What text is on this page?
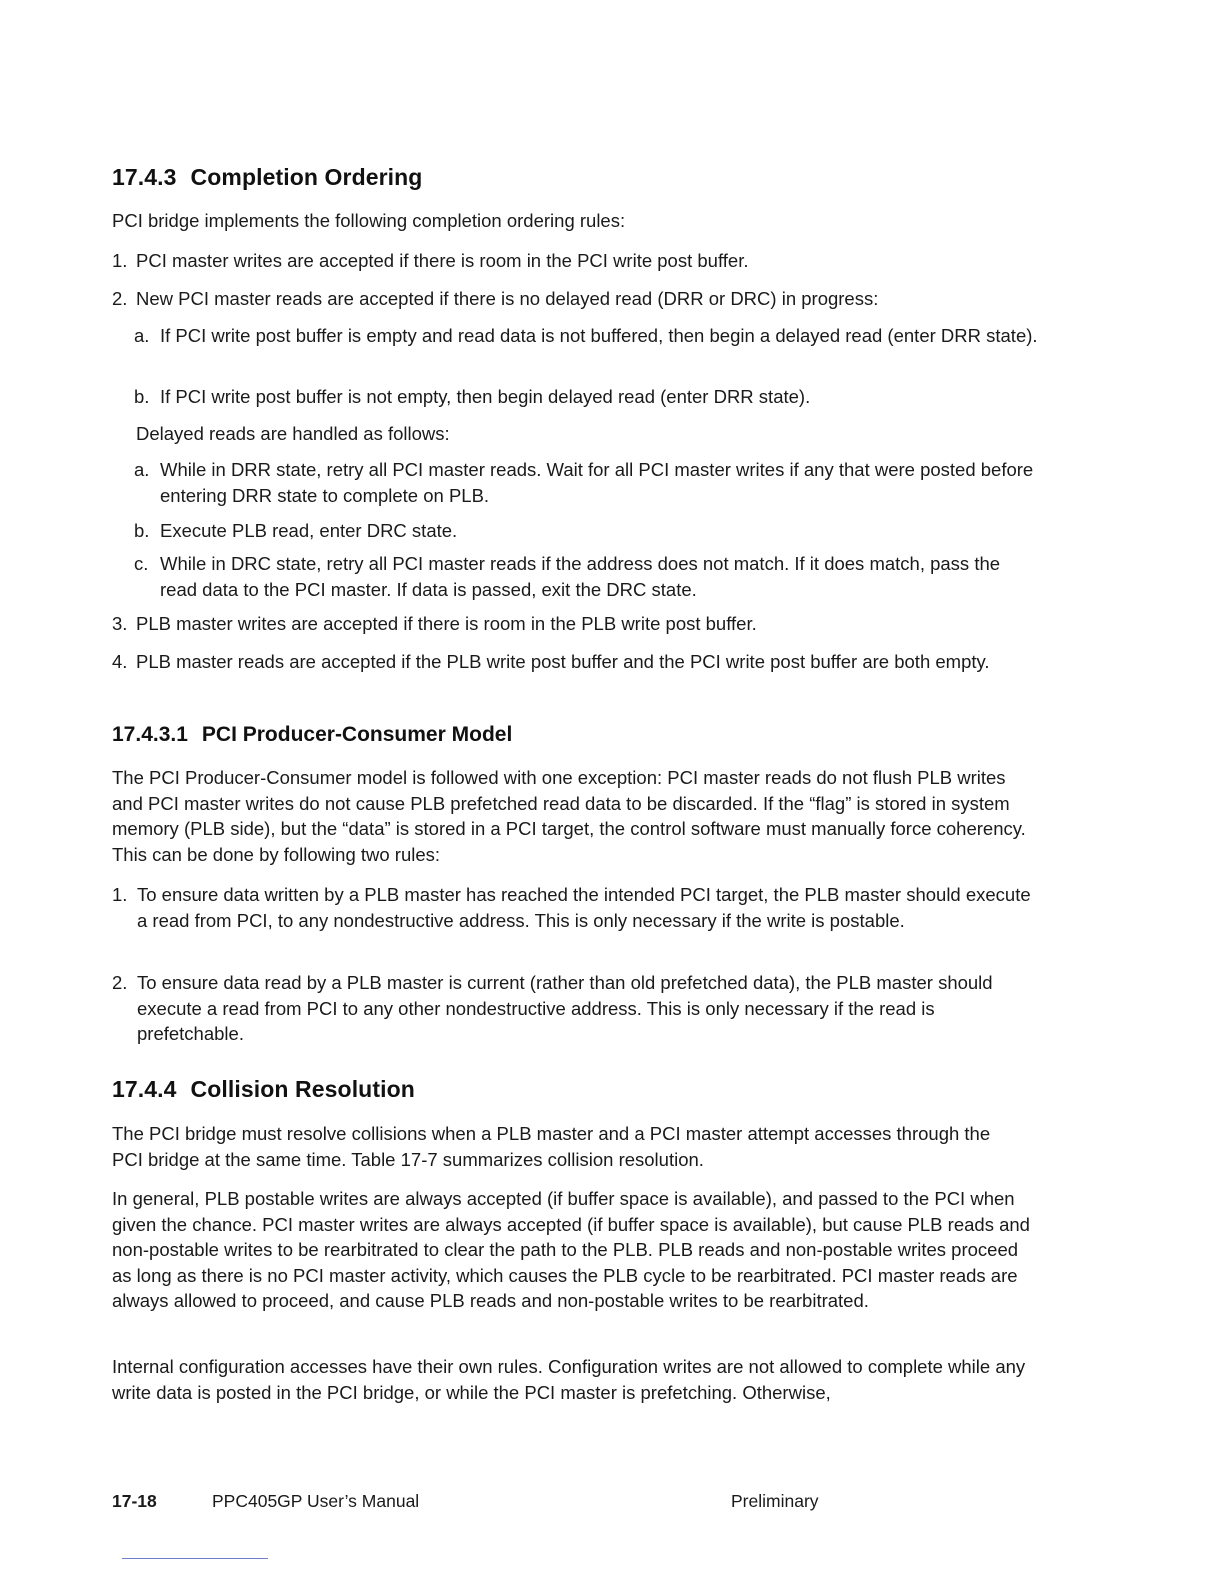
17.4.3 Completion Ordering

PCI bridge implements the following completion ordering rules:

1. PCI master writes are accepted if there is room in the PCI write post buffer.
2. New PCI master reads are accepted if there is no delayed read (DRR or DRC) in progress:
a. If PCI write post buffer is empty and read data is not buffered, then begin a delayed read (enter DRR state).
b. If PCI write post buffer is not empty, then begin delayed read (enter DRR state).

Delayed reads are handled as follows:

a. While in DRR state, retry all PCI master reads. Wait for all PCI master writes if any that were posted before entering DRR state to complete on PLB.
b. Execute PLB read, enter DRC state.
c. While in DRC state, retry all PCI master reads if the address does not match. If it does match, pass the read data to the PCI master. If data is passed, exit the DRC state.
3. PLB master writes are accepted if there is room in the PLB write post buffer.
4. PLB master reads are accepted if the PLB write post buffer and the PCI write post buffer are both empty.
17.4.3.1 PCI Producer-Consumer Model

The PCI Producer-Consumer model is followed with one exception: PCI master reads do not flush PLB writes and PCI master writes do not cause PLB prefetched read data to be discarded. If the “flag” is stored in system memory (PLB side), but the “data” is stored in a PCI target, the control software must manually force coherency. This can be done by following two rules:

1. To ensure data written by a PLB master has reached the intended PCI target, the PLB master should execute a read from PCI, to any nondestructive address. This is only necessary if the write is postable.
2. To ensure data read by a PLB master is current (rather than old prefetched data), the PLB master should execute a read from PCI to any other nondestructive address. This is only necessary if the read is prefetchable.
17.4.4 Collision Resolution

The PCI bridge must resolve collisions when a PLB master and a PCI master attempt accesses through the PCI bridge at the same time. Table 17-7 summarizes collision resolution.

In general, PLB postable writes are always accepted (if buffer space is available), and passed to the PCI when given the chance. PCI master writes are always accepted (if buffer space is available), but cause PLB reads and non-postable writes to be rearbitrated to clear the path to the PLB. PLB reads and non-postable writes proceed as long as there is no PCI master activity, which causes the PLB cycle to be rearbitrated. PCI master reads are always allowed to proceed, and cause PLB reads and non-postable writes to be rearbitrated.

Internal configuration accesses have their own rules. Configuration writes are not allowed to complete while any write data is posted in the PCI bridge, or while the PCI master is prefetching. Otherwise,

17-18	PPC405GP User’s Manual	Preliminary
